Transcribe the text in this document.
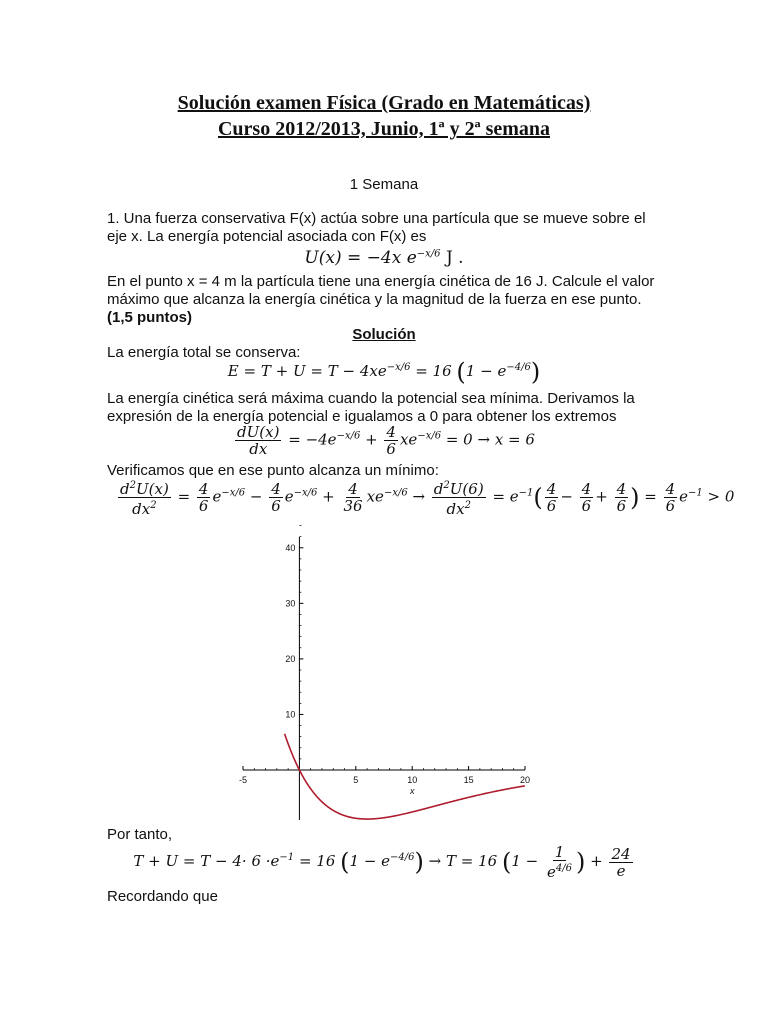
Solución examen Física (Grado en Matemáticas)
Curso 2012/2013, Junio, 1ª y 2ª semana
1 Semana
1. Una fuerza conservativa F(x) actúa sobre una partícula que se mueve sobre el
eje x. La energía potencial asociada con F(x) es
U(x) = −4x $e^{-x/6}$ J .
En el punto x = 4 m la partícula tiene una energía cinética de 16 J. Calcule el valor
máximo que alcanza la energía cinética y la magnitud de la fuerza en ese punto.
(1,5 puntos)
Solución
La energía total se conserva:
$E = T + U = T - 4xe^{-x/6} = 16$ $(1 - e^{-4/6})$
La energía cinética será máxima cuando la potencial sea mínima. Derivamos la
expresión de la energía potencial e igualamos a 0 para obtener los extremos
$\frac{dU(x)}{dx} = -4e^{-x/6} + \frac{4}{6} xe^{-x/6} = 0 \to x = 6$
Verificamos que en ese punto alcanza un mínimo:
$\frac{d^2U(x)}{dx^2} = \frac{4}{6} e^{-x/6} - \frac{4}{6} e^{-x/6} + \frac{4}{36} xe^{-x/6} \to \frac{d^2U(6)}{dx^2} = e^{-1}( \frac{4}{6} - \frac{4}{6} + \frac{4}{6}$ ) = $\frac{4}{6} e^{-1} > 0$
-5	5	10	15	20
10
20
30
40
x
Por tanto,
$T + U = T - 4\cdot 6 \cdot e^{-1} = 16$ $(1 - e^{-4/6}) \to T = 16$ ($1 - \frac{1}{e^{4/6}}$ ) + $\frac{24}{e}$
Recordando que
